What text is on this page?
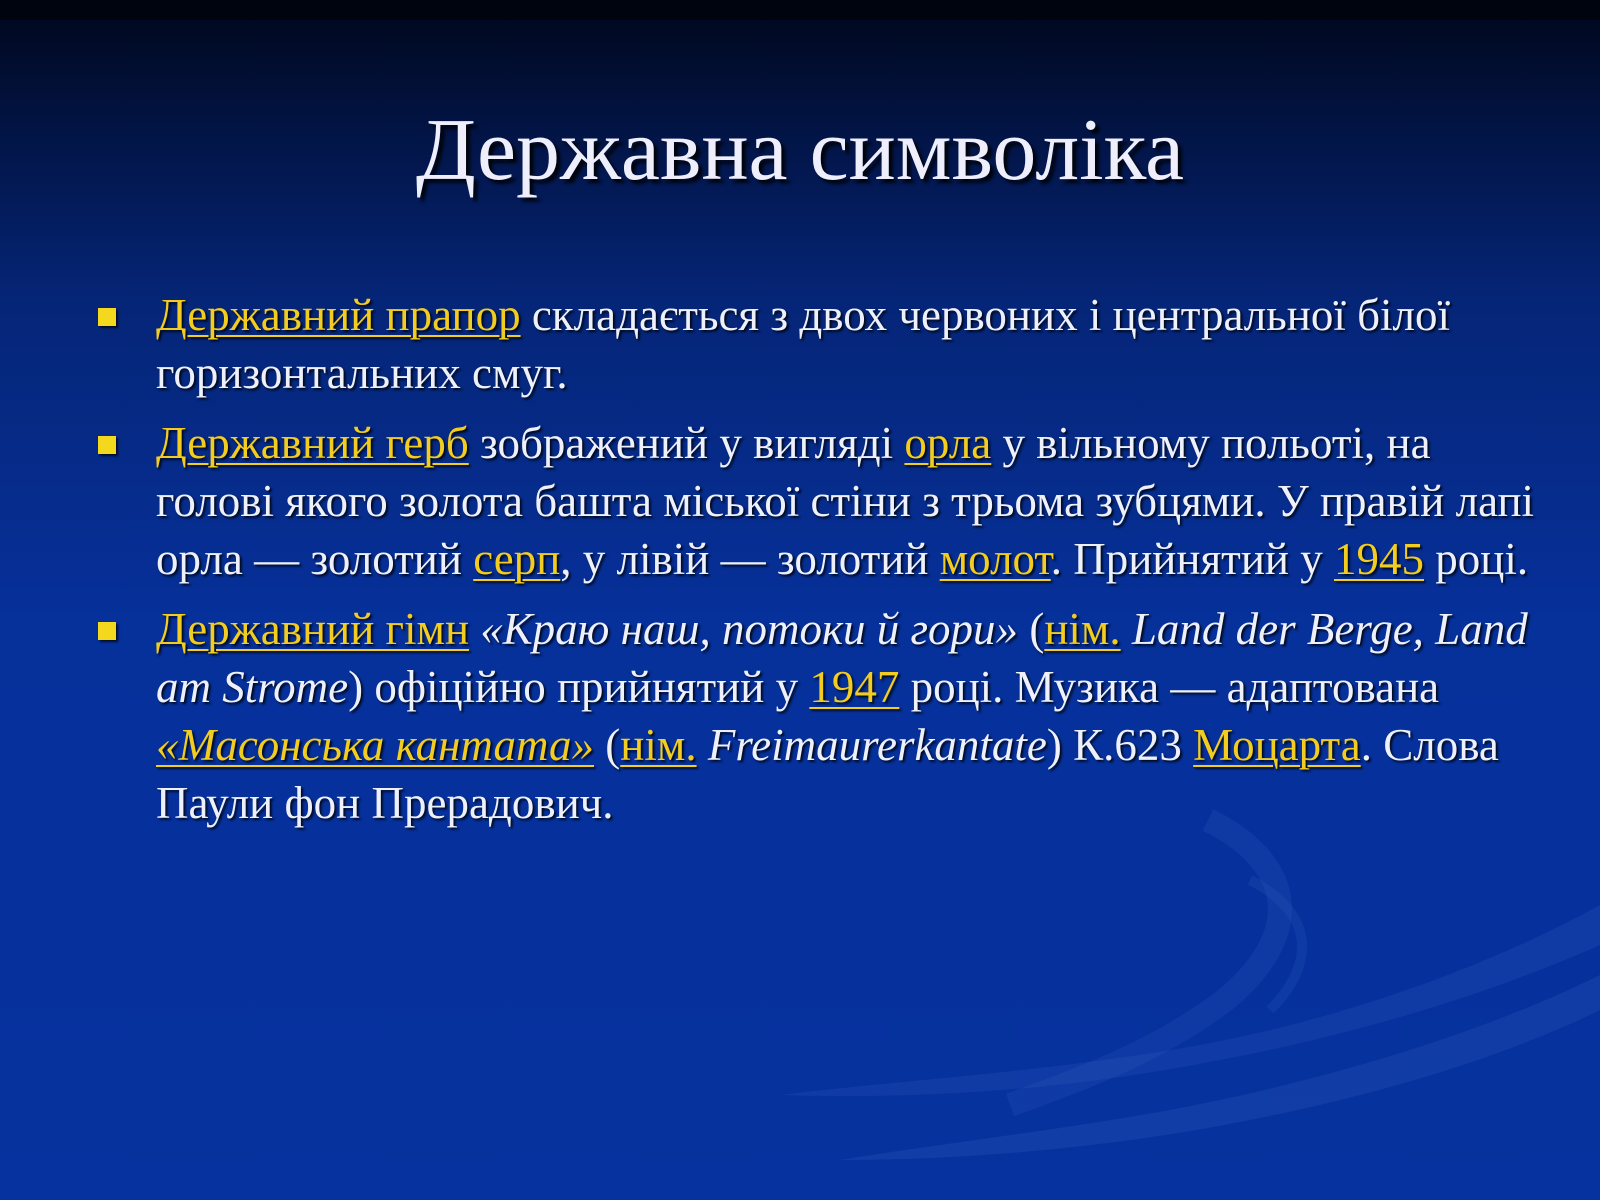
Державна символіка
Державний прапор складається з двох червоних і центральної білої горизонтальних смуг.
Державний герб зображений у вигляді орла у вільному польоті, на голові якого золота башта міської стіни з трьома зубцями. У правій лапі орла — золотий серп, у лівій — золотий молот. Прийнятий у 1945 році.
Державний гімн «Краю наш, потоки й гори» (нім. Land der Berge, Land am Strome) офіційно прийнятий у 1947 році. Музика — адаптована «Масонська кантата» (нім. Freimaurerkantate) К.623 Моцарта. Слова Паули фон Прерадович.
